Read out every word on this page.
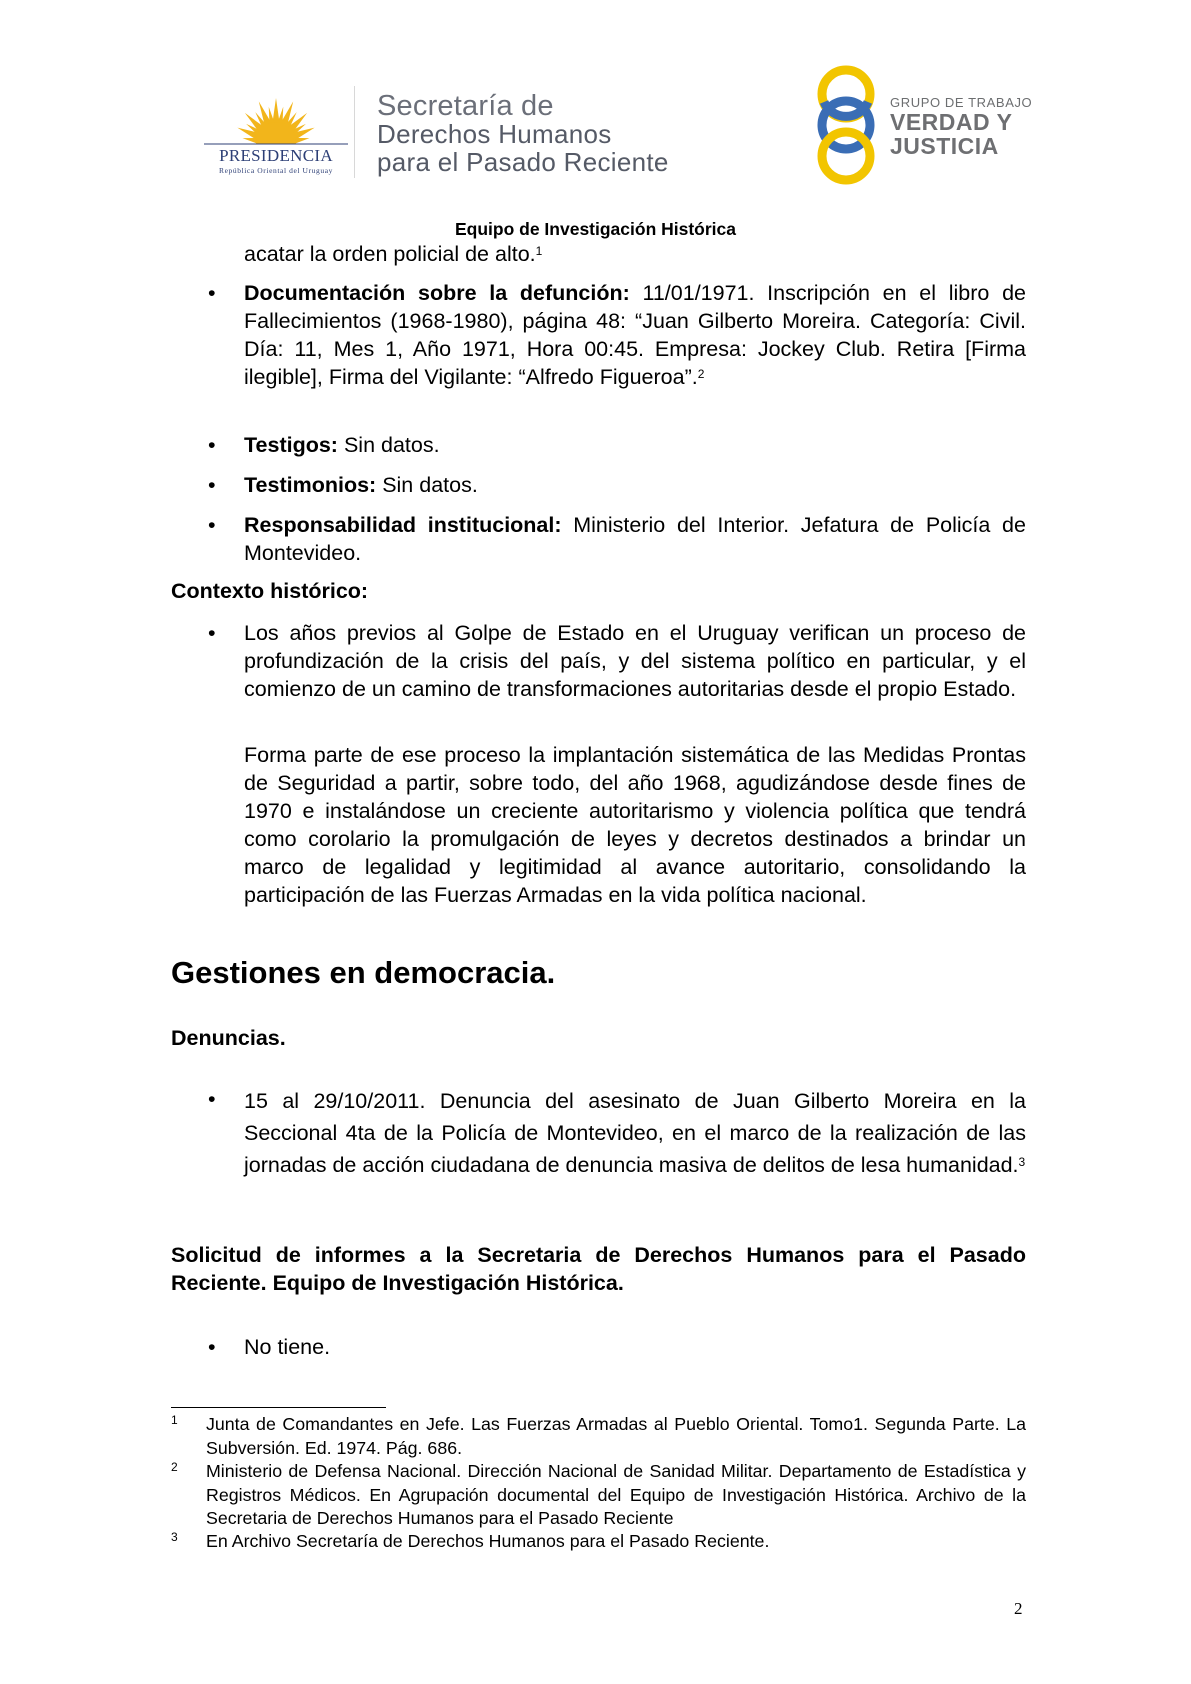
PRESIDENCIA
República Oriental del Uruguay
Secretaría de
Derechos Humanos
para el Pasado Reciente
GRUPO DE TRABAJO
VERDAD Y
JUSTICIA
Equipo de Investigación Histórica
acatar la orden policial de alto.$^1$
• Documentación sobre la defunción: 11/01/1971. Inscripción en el libro de Fallecimientos (1968-1980), página 48: “Juan Gilberto Moreira. Categoría: Civil. Día: 11, Mes 1, Año 1971, Hora 00:45. Empresa: Jockey Club. Retira [Firma ilegible], Firma del Vigilante: “Alfredo Figueroa”.$^2$
• Testigos: Sin datos.
• Testimonios: Sin datos.
• Responsabilidad institucional: Ministerio del Interior. Jefatura de Policía de Montevideo.
Contexto histórico:
• Los años previos al Golpe de Estado en el Uruguay verifican un proceso de profundización de la crisis del país, y del sistema político en particular, y el comienzo de un camino de transformaciones autoritarias desde el propio Estado.
Forma parte de ese proceso la implantación sistemática de las Medidas Prontas de Seguridad a partir, sobre todo, del año 1968, agudizándose desde fines de 1970 e instalándose un creciente autoritarismo y violencia política que tendrá como corolario la promulgación de leyes y decretos destinados a brindar un marco de legalidad y legitimidad al avance autoritario, consolidando la participación de las Fuerzas Armadas en la vida política nacional.
Gestiones en democracia.
Denuncias.
• 15 al 29/10/2011. Denuncia del asesinato de Juan Gilberto Moreira en la Seccional 4ta de la Policía de Montevideo, en el marco de la realización de las jornadas de acción ciudadana de denuncia masiva de delitos de lesa humanidad.$^3$
Solicitud de informes a la Secretaria de Derechos Humanos para el Pasado Reciente. Equipo de Investigación Histórica.
• No tiene.
1 Junta de Comandantes en Jefe. Las Fuerzas Armadas al Pueblo Oriental. Tomo1. Segunda Parte. La Subversión. Ed. 1974. Pág. 686.
2 Ministerio de Defensa Nacional. Dirección Nacional de Sanidad Militar. Departamento de Estadística y Registros Médicos. En Agrupación documental del Equipo de Investigación Histórica. Archivo de la Secretaria de Derechos Humanos para el Pasado Reciente
3 En Archivo Secretaría de Derechos Humanos para el Pasado Reciente.
2
